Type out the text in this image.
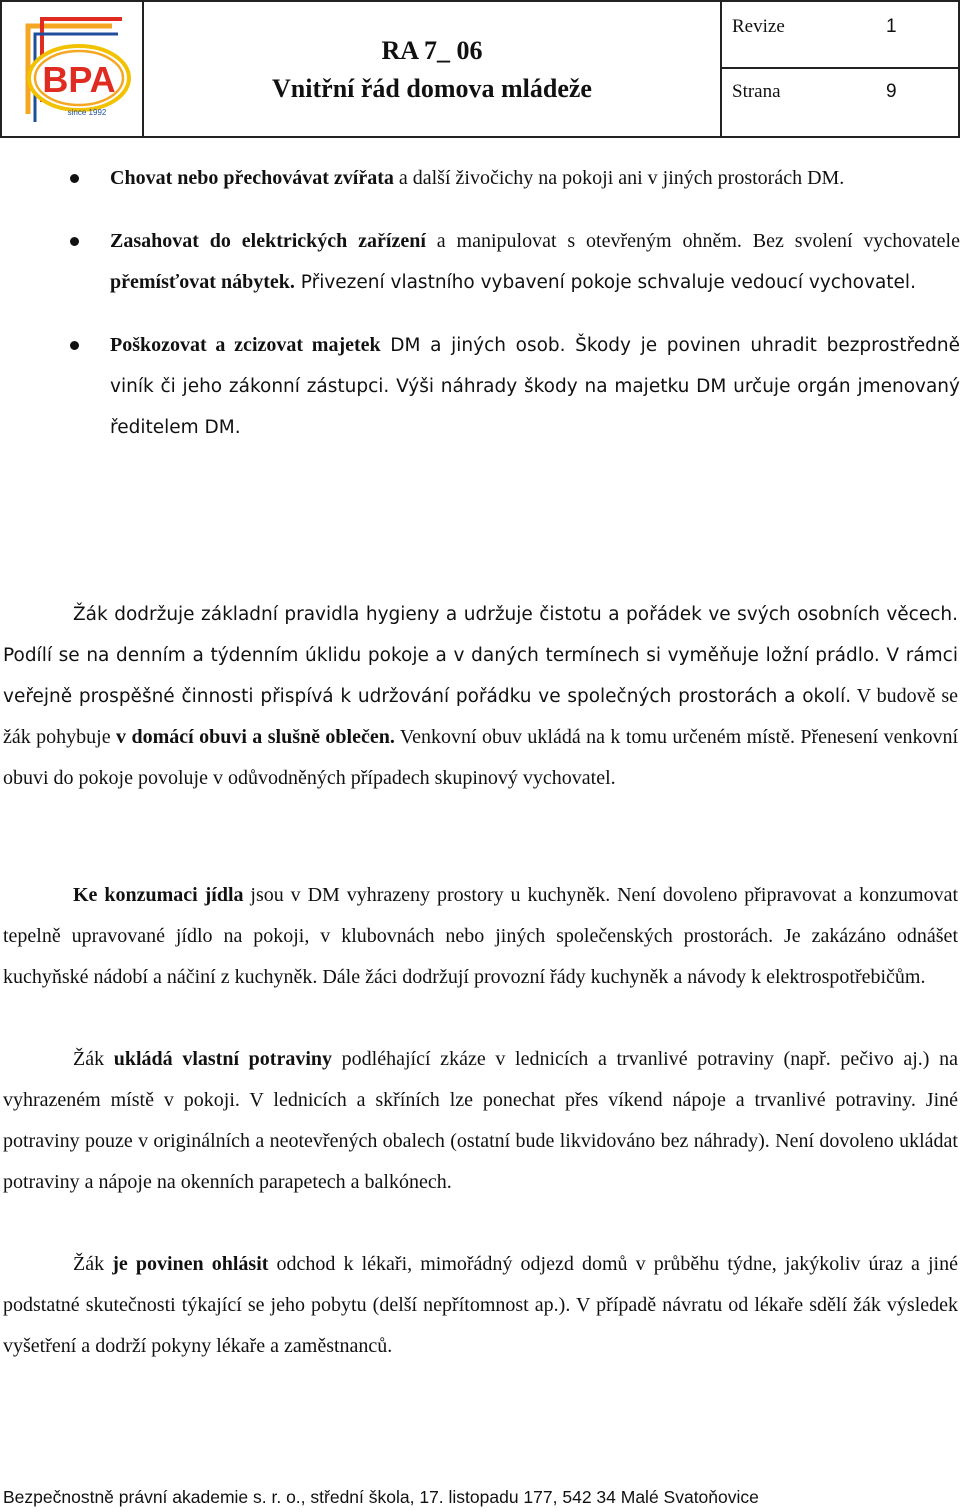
BPA
since 1992
RA 7_ 06
Vnitřní řád domova mládeže
Revize	1
Strana	9
Chovat nebo přechovávat zvířata a další živočichy na pokoji ani v jiných prostorách DM.
Zasahovat do elektrických zařízení a manipulovat s otevřeným ohněm. Bez svolení vychovatele přemísťovat nábytek. Přivezení vlastního vybavení pokoje schvaluje vedoucí vychovatel.
Poškozovat a zcizovat majetek DM a jiných osob. Škody je povinen uhradit bezprostředně viník či jeho zákonní zástupci. Výši náhrady škody na majetku DM určuje orgán jmenovaný ředitelem DM.
Žák dodržuje základní pravidla hygieny a udržuje čistotu a pořádek ve svých osobních věcech. Podílí se na denním a týdenním úklidu pokoje a v daných termínech si vyměňuje ložní prádlo. V rámci veřejně prospěšné činnosti přispívá k udržování pořádku ve společných prostorách a okolí. V budově se žák pohybuje v domácí obuvi a slušně oblečen. Venkovní obuv ukládá na k tomu určeném místě. Přenesení venkovní obuvi do pokoje povoluje v odůvodněných případech skupinový vychovatel.
Ke konzumaci jídla jsou v DM vyhrazeny prostory u kuchyněk. Není dovoleno připravovat a konzumovat tepelně upravované jídlo na pokoji, v klubovnách nebo jiných společenských prostorách. Je zakázáno odnášet kuchyňské nádobí a náčiní z kuchyněk. Dále žáci dodržují provozní řády kuchyněk a návody k elektrospotřebičům.
Žák ukládá vlastní potraviny podléhající zkáze v lednicích a trvanlivé potraviny (např. pečivo aj.) na vyhrazeném místě v pokoji. V lednicích a skříních lze ponechat přes víkend nápoje a trvanlivé potraviny. Jiné potraviny pouze v originálních a neotevřených obalech (ostatní bude likvidováno bez náhrady). Není dovoleno ukládat potraviny a nápoje na okenních parapetech a balkónech.
Žák je povinen ohlásit odchod k lékaři, mimořádný odjezd domů v průběhu týdne, jakýkoliv úraz a jiné podstatné skutečnosti týkající se jeho pobytu (delší nepřítomnost ap.). V případě návratu od lékaře sdělí žák výsledek vyšetření a dodrží pokyny lékaře a zaměstnanců.
Bezpečnostně právní akademie s. r. o., střední škola, 17. listopadu 177, 542 34 Malé Svatoňovice
